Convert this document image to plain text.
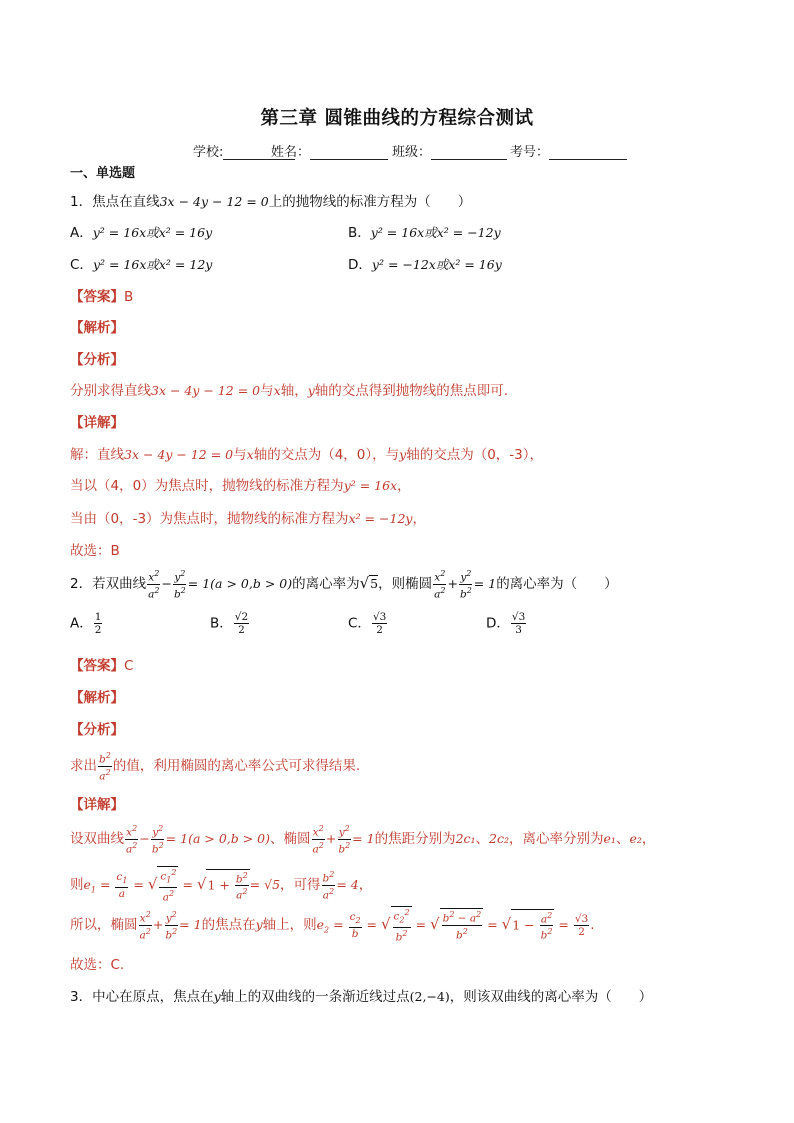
第三章 圆锥曲线的方程综合测试
学校:	姓名：	班级：	考号：
一、单选题
1．焦点在直线3x − 4y − 12 = 0上的抛物线的标准方程为（　　）
A．y² = 16x或x² = 16y	B．y² = 16x或x² = −12y
C．y² = 16x或x² = 12y	D．y² = −12x或x² = 16y
【答案】B
【解析】
【分析】
分别求得直线3x − 4y − 12 = 0与x轴，y轴的交点得到抛物线的焦点即可.
【详解】
解：直线3x − 4y − 12 = 0与x轴的交点为（4，0），与y轴的交点为（0，-3），
当以（4，0）为焦点时，抛物线的标准方程为y² = 16x，
当由（0，-3）为焦点时，抛物线的标准方程为x² = −12y，
故选：B
2．若双曲线 $\frac{x^2}{a^2} - \frac{y^2}{b^2} = 1(a > 0,b > 0)$的离心率为√5，则椭圆 $\frac{x^2}{a^2} + \frac{y^2}{b^2} = 1$的离心率为（　　）
A． $\frac{1}{2}$	B． $\frac{√2}{2}$	C． $\frac{√3}{2}$	D． $\frac{√3}{3}$
【答案】C
【解析】
【分析】
求出 $\frac{b^2}{a^2}$ 的值，利用椭圆的离心率公式可求得结果.
【详解】
设双曲线 $\frac{x^2}{a^2} - \frac{y^2}{b^2} = 1(a > 0,b > 0)$、椭圆 $\frac{x^2}{a^2} + \frac{y^2}{b^2} = 1$的焦距分别为2c₁、2c₂，离心率分别为e₁、e₂，
则$e_1 = \frac{c_1}{a}$ = √ $\frac{c_1^2}{a^2} = √1 + \frac{b^2}{a^2} = √5$，可得 $\frac{b^2}{a^2} = 4$，
所以，椭圆 $\frac{x^2}{a^2} + \frac{y^2}{b^2} = 1$的焦点在y轴上，则$e_2 = \frac{c_2}{b}$ = √ $\frac{c_2^2}{b^2}$ = √ $\frac{b^2 - a^2}{b^2} = √1 - \frac{a^2}{b^2} = \frac{√3}{2}$ .
故选：C.
3．中心在原点，焦点在y轴上的双曲线的一条渐近线过点(2,−4)，则该双曲线的离心率为（　　）
